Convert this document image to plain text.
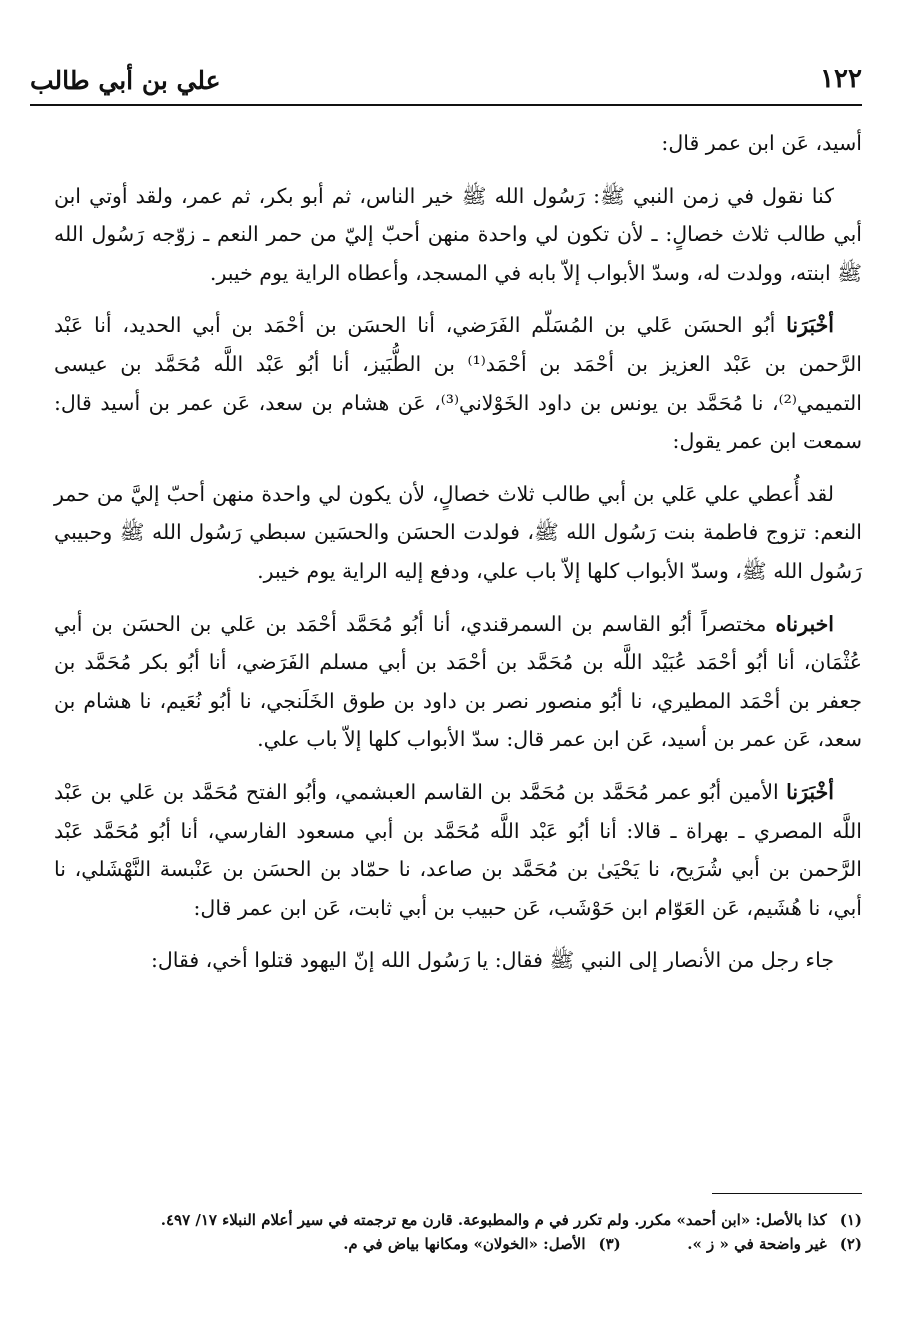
١٢٢
علي بن أبي طالب

أسيد، عَن ابن عمر قال:

كنا نقول في زمن النبي ﷺ: رَسُول الله ﷺ خير الناس، ثم أبو بكر، ثم عمر، ولقد أوتي ابن أبي طالب ثلاث خصالٍ: ـ لأن تكون لي واحدة منهن أحبّ إليّ من حمر النعم ـ زوّجه رَسُول الله ﷺ ابنته، وولدت له، وسدّ الأبواب إلاّ بابه في المسجد، وأعطاه الراية يوم خيبر.

أخْبَرَنا أبُو الحسَن عَلي بن المُسَلّم الفَرَضي، أنا الحسَن بن أحْمَد بن أبي الحديد، أنا عَبْد الرَّحمن بن عَبْد العزيز بن أحْمَد بن أحْمَد⁽¹⁾ بن الطُّبَيز، أنا أبُو عَبْد اللَّه مُحَمَّد بن عيسى التميمي⁽²⁾، نا مُحَمَّد بن يونس بن داود الخَوْلاني⁽³⁾، عَن هشام بن سعد، عَن عمر بن أسيد قال: سمعت ابن عمر يقول:

لقد أُعطي علي عَلي بن أبي طالب ثلاث خصالٍ، لأن يكون لي واحدة منهن أحبّ إليَّ من حمر النعم: تزوج فاطمة بنت رَسُول الله ﷺ، فولدت الحسَن والحسَين سبطي رَسُول الله ﷺ وحبيبي رَسُول الله ﷺ، وسدّ الأبواب كلها إلاّ باب علي، ودفع إليه الراية يوم خيبر.

اخبرناه مختصراً أبُو القاسم بن السمرقندي، أنا أبُو مُحَمَّد أحْمَد بن عَلي بن الحسَن بن أبي عُثْمَان، أنا أبُو أحْمَد عُبَيْد اللَّه بن مُحَمَّد بن أحْمَد بن أبي مسلم الفَرَضي، أنا أبُو بكر مُحَمَّد بن جعفر بن أحْمَد المطيري، نا أبُو منصور نصر بن داود بن طوق الخَلَنجي، نا أبُو نُعَيم، نا هشام بن سعد، عَن عمر بن أسيد، عَن ابن عمر قال: سدّ الأبواب كلها إلاّ باب علي.

أخْبَرَنا الأمين أبُو عمر مُحَمَّد بن مُحَمَّد بن القاسم العبشمي، وأبُو الفتح مُحَمَّد بن عَلي بن عَبْد اللَّه المصري ـ بهراة ـ قالا: أنا أبُو عَبْد اللَّه مُحَمَّد بن أبي مسعود الفارسي، أنا أبُو مُحَمَّد عَبْد الرَّحمن بن أبي شُرَيح، نا يَحْيَىٰ بن مُحَمَّد بن صاعد، نا حمّاد بن الحسَن بن عَنْبسة النَّهْشَلي، نا أبي، نا هُشَيم، عَن العَوّام ابن حَوْشَب، عَن حبيب بن أبي ثابت، عَن ابن عمر قال:

جاء رجل من الأنصار إلى النبي ﷺ فقال: يا رَسُول الله إنّ اليهود قتلوا أخي، فقال:

(١) كذا بالأصل: «ابن أحمد» مكرر. ولم تكرر في م والمطبوعة. قارن مع ترجمته في سير أعلام النبلاء ١٧/ ٤٩٧.
(٢) غير واضحة في « ز ».  (٣) الأصل: «الخولان» ومكانها بياض في م.
